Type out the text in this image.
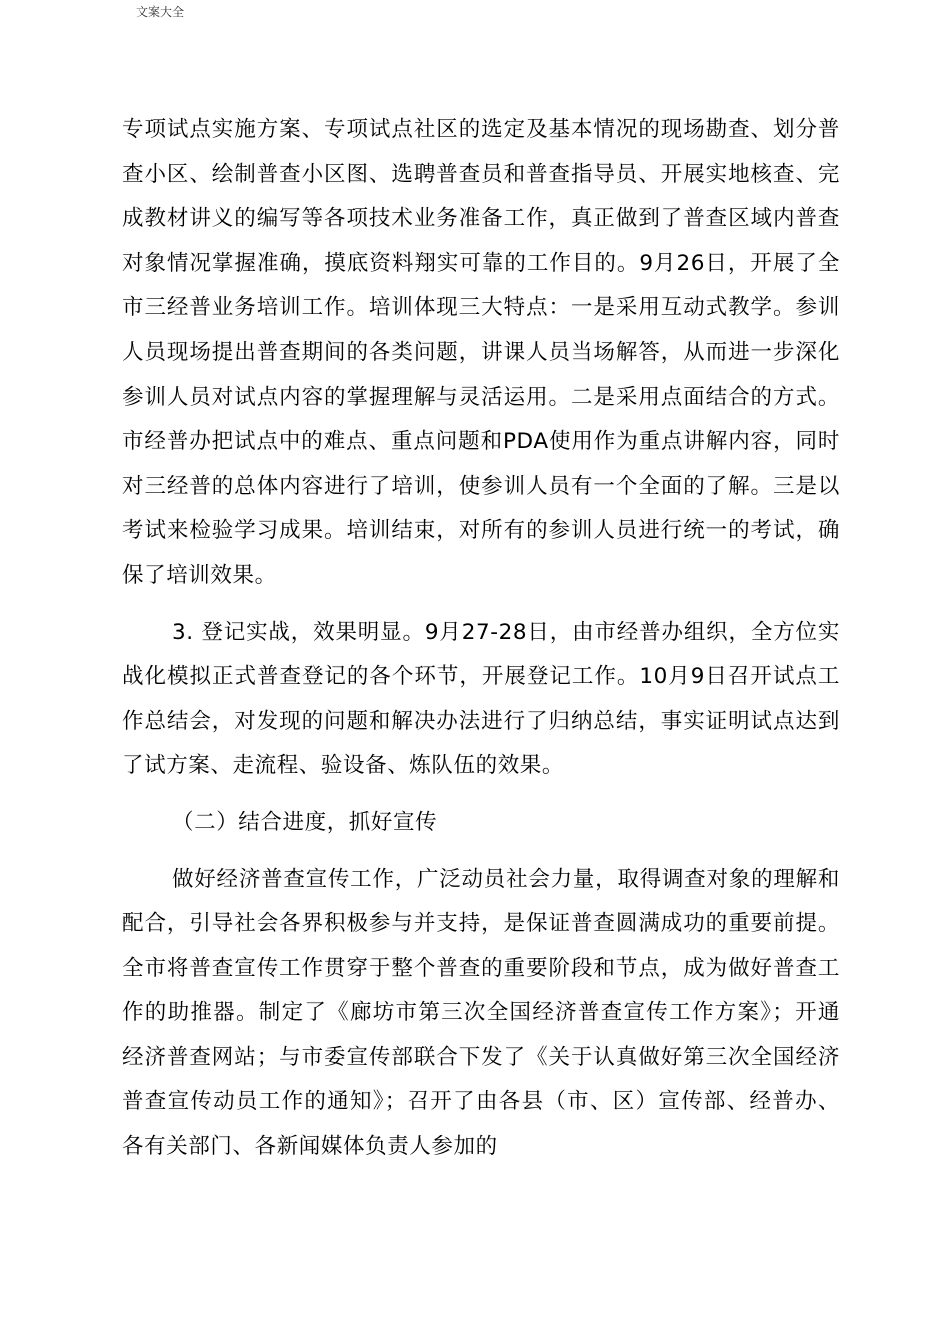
文案大全

专项试点实施方案、专项试点社区的选定及基本情况的现场勘查、划分普查小区、绘制普查小区图、选聘普查员和普查指导员、开展实地核查、完成教材讲义的编写等各项技术业务准备工作，真正做到了普查区域内普查对象情况掌握准确，摸底资料翔实可靠的工作目的。9月26日，开展了全市三经普业务培训工作。培训体现三大特点：一是采用互动式教学。参训人员现场提出普查期间的各类问题，讲课人员当场解答，从而进一步深化参训人员对试点内容的掌握理解与灵活运用。二是采用点面结合的方式。市经普办把试点中的难点、重点问题和PDA使用作为重点讲解内容，同时对三经普的总体内容进行了培训，使参训人员有一个全面的了解。三是以考试来检验学习成果。培训结束，对所有的参训人员进行统一的考试，确保了培训效果。

3. 登记实战，效果明显。9月27-28日，由市经普办组织，全方位实战化模拟正式普查登记的各个环节，开展登记工作。10月9日召开试点工作总结会，对发现的问题和解决办法进行了归纳总结，事实证明试点达到了试方案、走流程、验设备、炼队伍的效果。

（二）结合进度，抓好宣传

做好经济普查宣传工作，广泛动员社会力量，取得调查对象的理解和配合，引导社会各界积极参与并支持，是保证普查圆满成功的重要前提。全市将普查宣传工作贯穿于整个普查的重要阶段和节点，成为做好普查工作的助推器。制定了《廊坊市第三次全国经济普查宣传工作方案》；开通经济普查网站；与市委宣传部联合下发了《关于认真做好第三次全国经济普查宣传动员工作的通知》；召开了由各县（市、区）宣传部、经普办、各有关部门、各新闻媒体负责人参加的
